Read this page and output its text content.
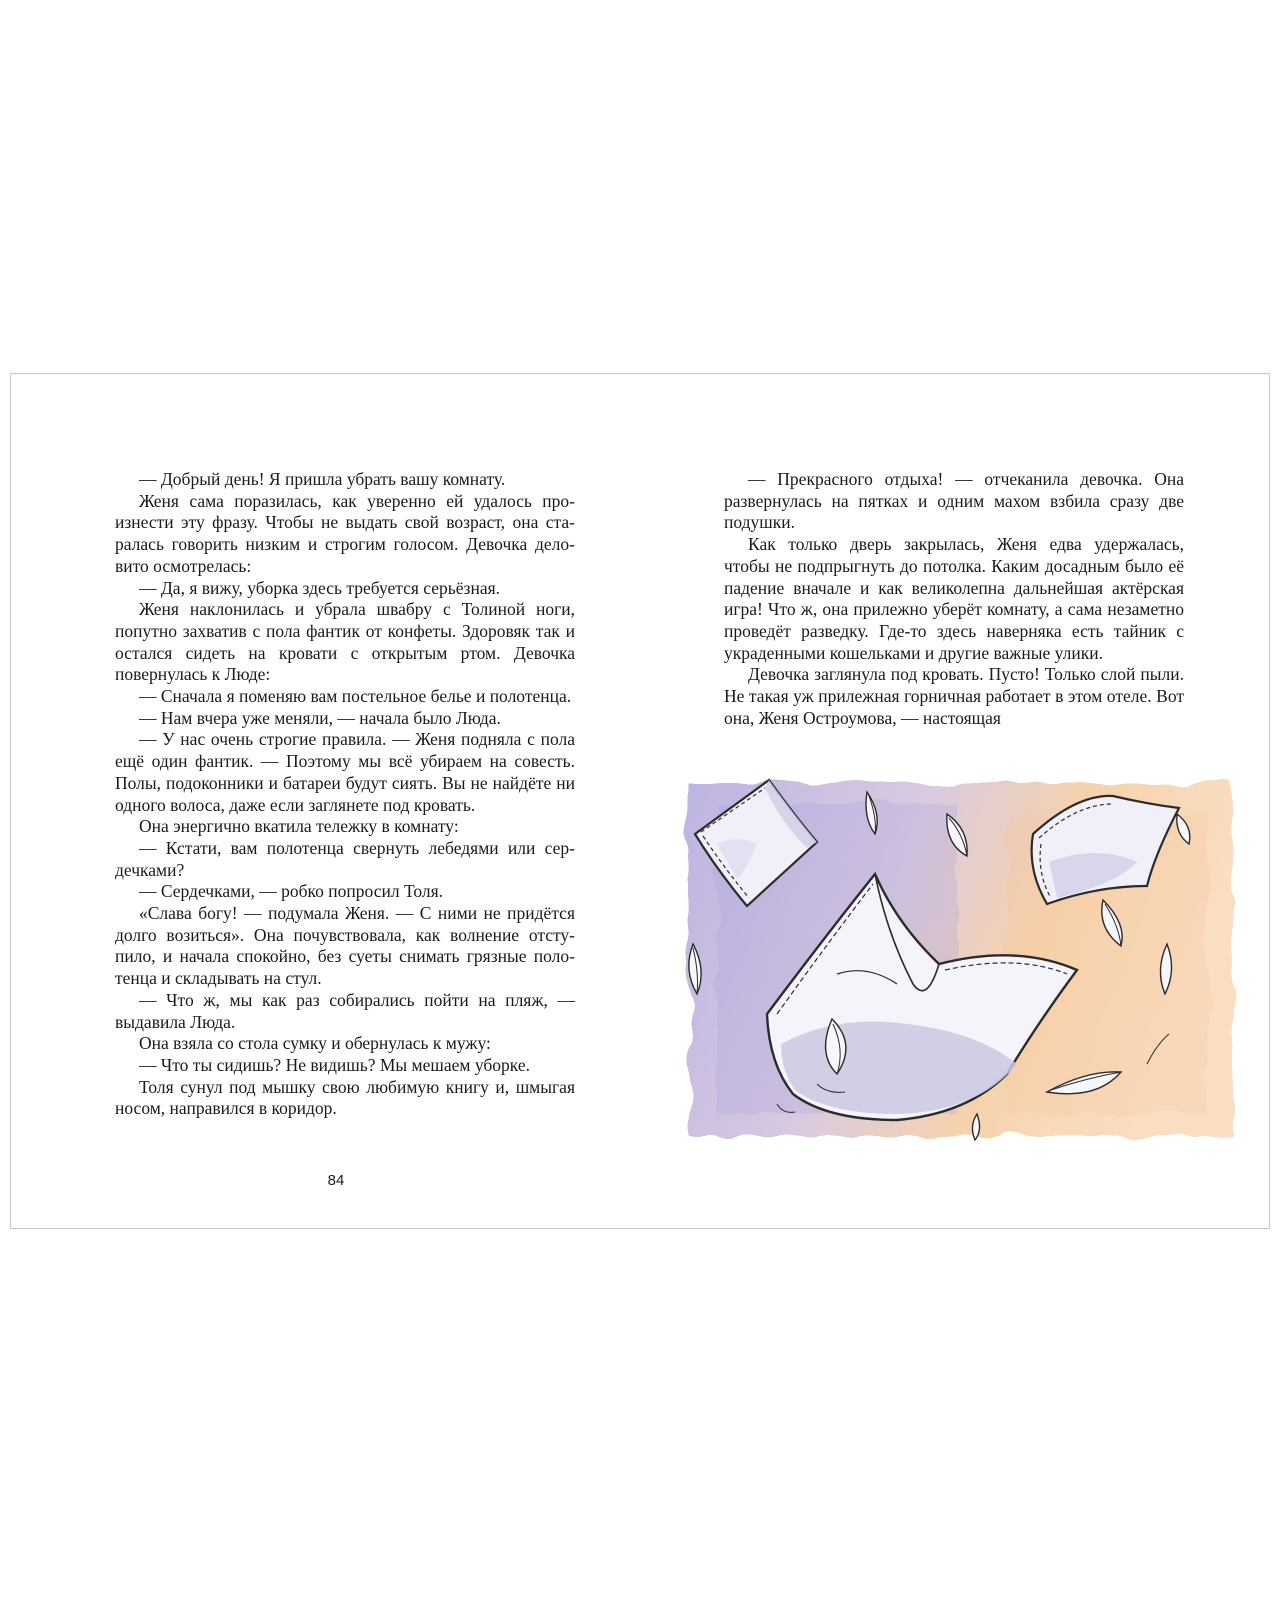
— Добрый день! Я пришла убрать вашу комнату.

Женя сама поразилась, как уверенно ей удалось произнести эту фразу. Чтобы не выдать свой возраст, она старалась говорить низким и строгим голосом. Девочка деловито осмотрелась:

— Да, я вижу, уборка здесь требуется серьёзная.

Женя наклонилась и убрала швабру с Толиной ноги, попутно захватив с пола фантик от конфеты. Здоровяк так и остался сидеть на кровати с открытым ртом. Девочка повернулась к Люде:

— Сначала я поменяю вам постельное белье и полотенца.

— Нам вчера уже меняли, — начала было Люда.

— У нас очень строгие правила. — Женя подняла с пола ещё один фантик. — Поэтому мы всё убираем на совесть. Полы, подоконники и батареи будут сиять. Вы не найдёте ни одного волоса, даже если заглянете под кровать.

Она энергично вкатила тележку в комнату:

— Кстати, вам полотенца свернуть лебедями или сердечками?

— Сердечками, — робко попросил Толя.

«Слава богу! — подумала Женя. — С ними не придётся долго возиться». Она почувствовала, как волнение отступило, и начала спокойно, без суеты снимать грязные полотенца и складывать на стул.

— Что ж, мы как раз собирались пойти на пляж, — выдавила Люда.

Она взяла со стола сумку и обернулась к мужу:

— Что ты сидишь? Не видишь? Мы мешаем уборке.

Толя сунул под мышку свою любимую книгу и, шмыгая носом, направился в коридор.

84

— Прекрасного отдыха! — отчеканила девочка. Она развернулась на пятках и одним махом взбила сразу две подушки.

Как только дверь закрылась, Женя едва удержалась, чтобы не подпрыгнуть до потолка. Каким досадным было её падение вначале и как великолепна дальнейшая актёрская игра! Что ж, она прилежно уберёт комнату, а сама незаметно проведёт разведку. Где-то здесь наверняка есть тайник с украденными кошельками и другие важные улики.

Девочка заглянула под кровать. Пусто! Только слой пыли. Не такая уж прилежная горничная работает в этом отеле. Вот она, Женя Остроумова, — настоящая
